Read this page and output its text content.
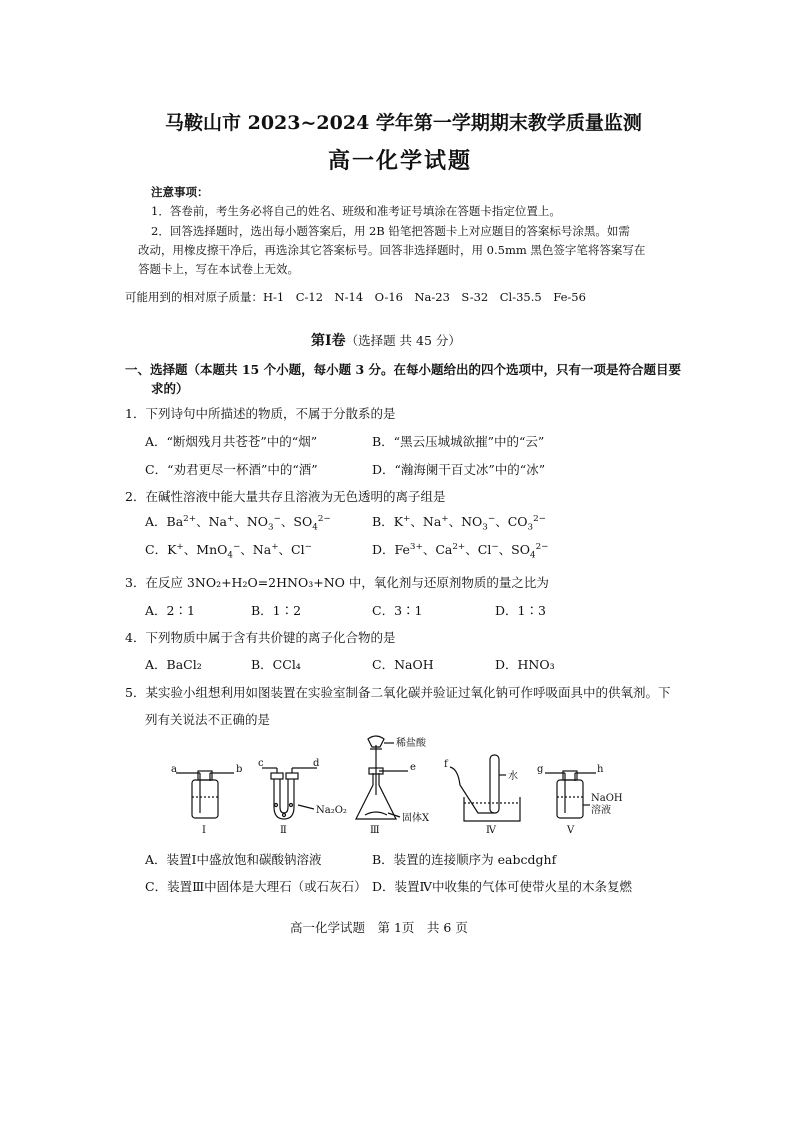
马鞍山市 2023~2024 学年第一学期期末教学质量监测
高一化学试题
注意事项：
1．答卷前，考生务必将自己的姓名、班级和准考证号填涂在答题卡指定位置上。
2．回答选择题时，选出每小题答案后，用 2B 铅笔把答题卡上对应题目的答案标号涂黑。如需
改动，用橡皮擦干净后，再选涂其它答案标号。回答非选择题时，用 0.5mm 黑色签字笔将答案写在
答题卡上，写在本试卷上无效。
可能用到的相对原子质量：H-1　C-12　N-14　O-16　Na-23　S-32　Cl-35.5　Fe-56
第Ⅰ卷（选择题 共 45 分）
一、选择题（本题共 15 个小题，每小题 3 分。在每小题给出的四个选项中，只有一项是符合题目要
求的）
1．下列诗句中所描述的物质，不属于分散系的是
A．“断烟残月共苍苍”中的“烟”	B．“黑云压城城欲摧”中的“云”
C．“劝君更尽一杯酒”中的“酒”	D．“瀚海阑干百丈冰”中的“冰”
2．在碱性溶液中能大量共存且溶液为无色透明的离子组是
A．$Ba^{2+}$、Na+、$NO_3^-$、$SO_4^{2-}$	B．K+、Na+、$NO_3^-$、$CO_3^{2-}$
C．K+、MnO$_4$−、Na+、Cl−	D．$Fe^{3+}$、$Ca^{2+}$、Cl−、$SO_4^{2-}$
3．在反应 3NO₂+H₂O=2HNO₃+NO 中，氧化剂与还原剂物质的量之比为
A．2∶1	B．1∶2	C．3∶1	D．1∶3
4．下列物质中属于含有共价键的离子化合物的是
A．BaCl₂	B．CCl₄	C．NaOH	D．HNO₃
5．某实验小组想利用如图装置在实验室制备二氧化碳并验证过氧化钠可作呼吸面具中的供氧剂。下
列有关说法不正确的是
a	b
c	d	e	f	g	h
稀盐酸
Na₂O₂
固体X
水
NaOH
溶液
Ⅰ	Ⅱ	Ⅲ	Ⅳ	Ⅴ
A．装置Ⅰ中盛放饱和碳酸钠溶液	B．装置的连接顺序为 eabcdghf
C．装置Ⅲ中固体是大理石（或石灰石） D．装置Ⅳ中收集的气体可使带火星的木条复燃
高一化学试题　第 1页　共 6 页
